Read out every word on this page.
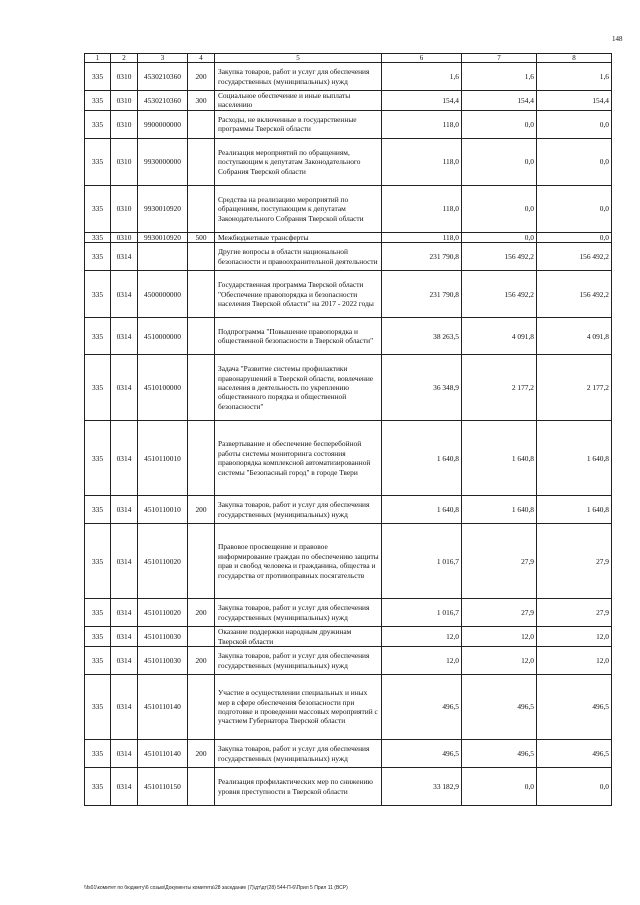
148
1	2	3	4	5	6	7	8
335	0310	4530210360	200	Закупка товаров, работ и услуг для обеспечения государственных (муниципальных) нужд	1,6	1,6	1,6
335	0310	4530210360	300	Социальное обеспечение и иные выплаты населению	154,4	154,4	154,4
335	0310	9900000000		Расходы, не включенные в государственные программы Тверской области	118,0	0,0	0,0
335	0310	9930000000		Реализация мероприятий по обращениям, поступающим к депутатам Законодательного Собрания Тверской области	118,0	0,0	0,0
335	0310	9930010920		Средства на реализацию мероприятий по обращениям, поступающим к депутатам Законодательного Собрания Тверской области	118,0	0,0	0,0
335	0310	9930010920	500	Межбюджетные трансферты	118,0	0,0	0,0
335	0314			Другие вопросы в области национальной безопасности и правоохранительной деятельности	231 790,8	156 492,2	156 492,2
335	0314	4500000000		Государственная программа Тверской области "Обеспечение правопорядка и безопасности населения Тверской области" на 2017 - 2022 годы	231 790,8	156 492,2	156 492,2
335	0314	4510000000		Подпрограмма "Повышение правопорядка и общественной безопасности в Тверской области"	38 263,5	4 091,8	4 091,8
335	0314	4510100000		Задача "Развитие системы профилактики правонарушений в Тверской области, вовлечение населения в деятельность по укреплению общественного порядка и общественной безопасности"	36 348,9	2 177,2	2 177,2
335	0314	4510110010		Развертывание и обеспечение бесперебойной работы системы мониторинга состояния правопорядка комплексной автоматизированной системы "Безопасный город" в городе Твери	1 640,8	1 640,8	1 640,8
335	0314	4510110010	200	Закупка товаров, работ и услуг для обеспечения государственных (муниципальных) нужд	1 640,8	1 640,8	1 640,8
335	0314	4510110020		Правовое просвещение и правовое информирование граждан по обеспечению защиты прав и свобод человека и гражданина, общества и государства от противоправных посягательств	1 016,7	27,9	27,9
335	0314	4510110020	200	Закупка товаров, работ и услуг для обеспечения государственных (муниципальных) нужд	1 016,7	27,9	27,9
335	0314	4510110030		Оказание поддержки народным дружинам Тверской области	12,0	12,0	12,0
335	0314	4510110030	200	Закупка товаров, работ и услуг для обеспечения государственных (муниципальных) нужд	12,0	12,0	12,0
335	0314	4510110140		Участие в осуществлении специальных и иных мер в сфере обеспечения безопасности при подготовке и проведении массовых мероприятий с участием Губернатора Тверской области	496,5	496,5	496,5
335	0314	4510110140	200	Закупка товаров, работ и услуг для обеспечения государственных (муниципальных) нужд	496,5	496,5	496,5
335	0314	4510110150		Реализация профилактических мер по снижению уровня преступности в Тверской области	33 182,9	0,0	0,0
\\fs01\комитет по бюджету\6 созыв\Документы комитета\28 заседание (7)\дт\дт(28) 544-П-6\Прил 5 Прил 11 (ВСР)
